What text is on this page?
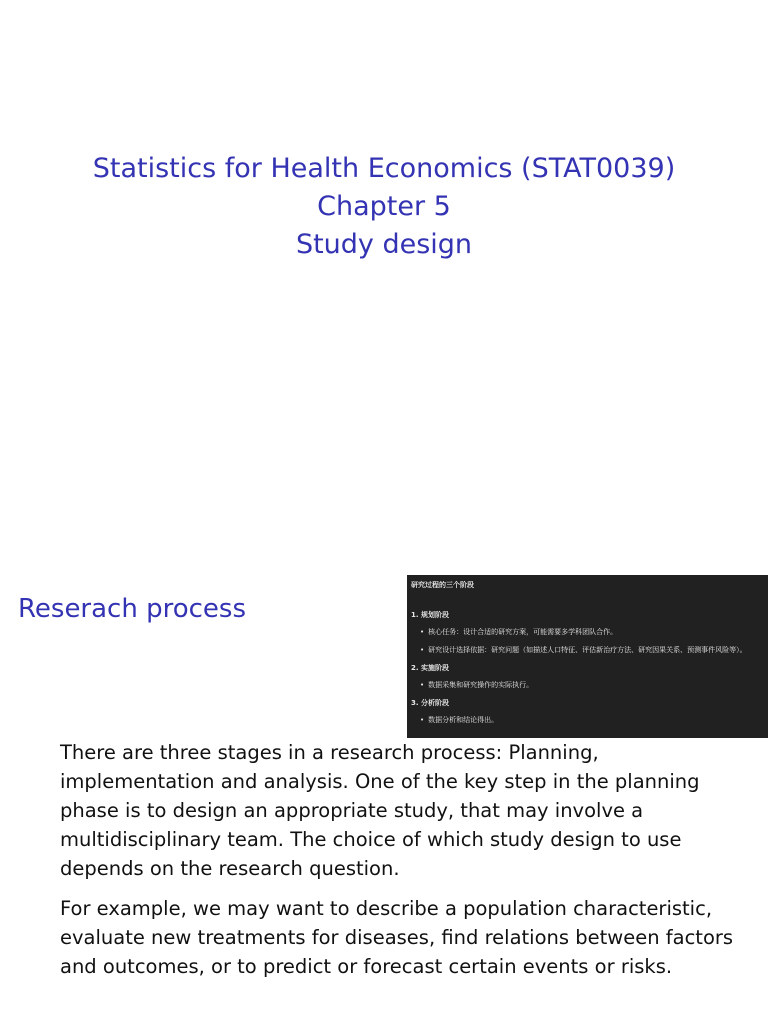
Statistics for Health Economics (STAT0039)
Chapter 5
Study design
Reserach process
研究过程的三个阶段
1. 规划阶段
• 核心任务：设计合适的研究方案，可能需要多学科团队合作。
• 研究设计选择依据：研究问题（如描述人口特征、评估新治疗方法、研究因果关系、预测事件风险等）。
2. 实施阶段
• 数据采集和研究操作的实际执行。
3. 分析阶段
• 数据分析和结论得出。

There are three stages in a research process: Planning, implementation and analysis. One of the key step in the planning phase is to design an appropriate study, that may involve a multidisciplinary team. The choice of which study design to use depends on the research question.

For example, we may want to describe a population characteristic, evaluate new treatments for diseases, find relations between factors and outcomes, or to predict or forecast certain events or risks.
